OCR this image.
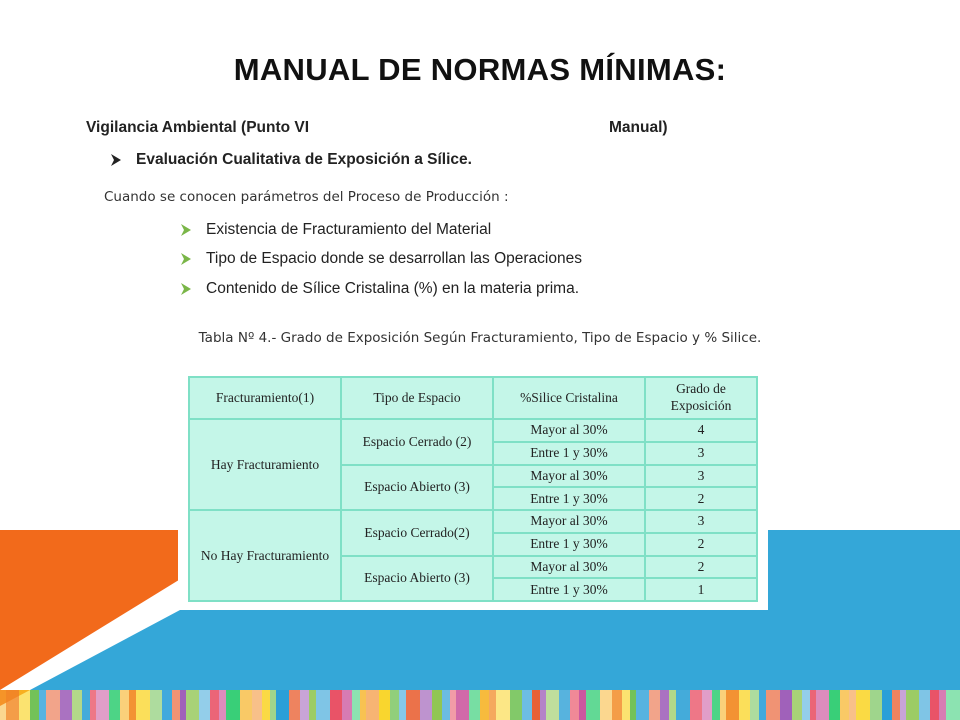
MANUAL DE NORMAS MÍNIMAS:
Vigilancia Ambiental (Punto VI	Manual)
Evaluación Cualitativa de Exposición a Sílice.
Cuando se conocen parámetros del Proceso de Producción :
Existencia de Fracturamiento del Material
Tipo de Espacio donde se desarrollan las Operaciones
Contenido de Sílice Cristalina (%) en la materia prima.
Tabla Nº 4.- Grado de Exposición Según Fracturamiento, Tipo de Espacio y % Silice.
Fracturamiento(1)	Tipo de Espacio	%Silice Cristalina	Grado de Exposición
Hay Fracturamiento	Espacio Cerrado (2)	Mayor al 30%	4
		Entre 1 y 30%	3
	Espacio Abierto (3)	Mayor al 30%	3
		Entre 1 y 30%	2
No Hay Fracturamiento	Espacio Cerrado(2)	Mayor al 30%	3
		Entre 1 y 30%	2
	Espacio Abierto (3)	Mayor al 30%	2
		Entre 1 y 30%	1
